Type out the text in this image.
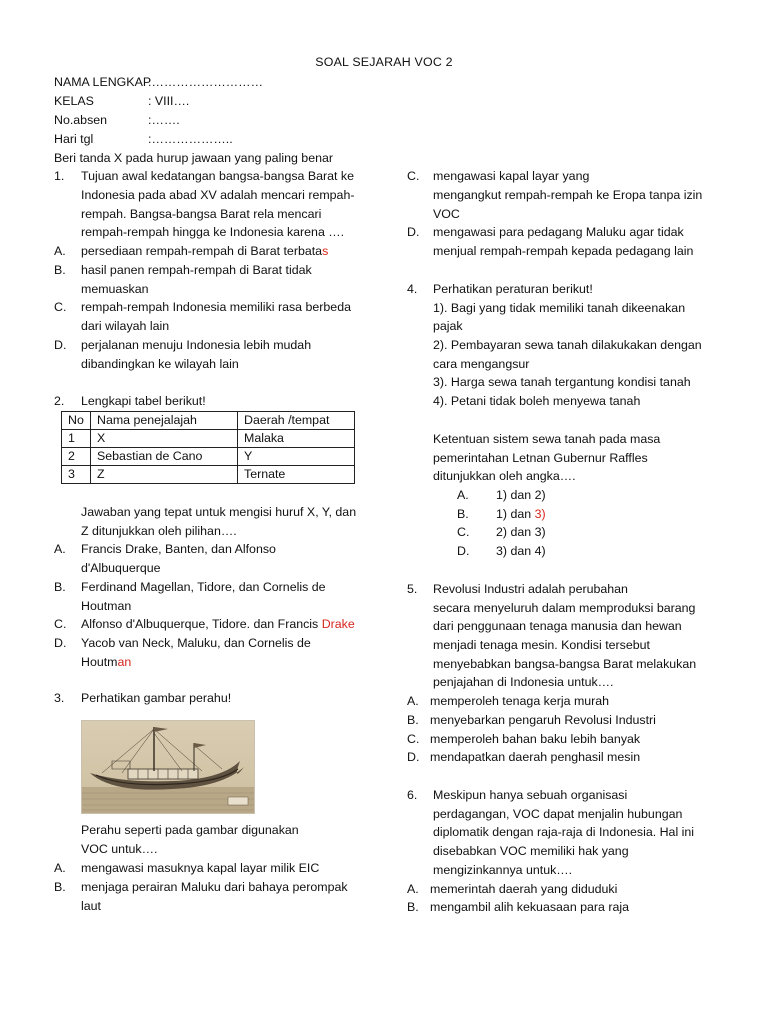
SOAL SEJARAH VOC 2
NAMA LENGKAP
:………………………
KELAS	: VIII….
No.absen	:…….
Hari tgl	:………………..
Beri tanda X pada hurup jawaan yang paling benar
1. Tujuan awal kedatangan bangsa-bangsa Barat ke
Indonesia pada abad XV adalah mencari rempah-
rempah. Bangsa-bangsa Barat rela mencari
rempah-rempah hingga ke Indonesia karena ….
A. persediaan rempah-rempah di Barat terbatas
B. hasil panen rempah-rempah di Barat tidak
memuaskan
C. rempah-rempah Indonesia memiliki rasa berbeda
dari wilayah lain
D. perjalanan menuju Indonesia lebih mudah
dibandingkan ke wilayah lain
2. Lengkapi tabel berikut!
No	Nama penejalajah	Daerah /tempat
1	X	Malaka
2	Sebastian de Cano	Y
3	Z	Ternate
Jawaban yang tepat untuk mengisi huruf X, Y, dan
Z ditunjukkan oleh pilihan….
A. Francis Drake, Banten, dan Alfonso
d'Albuquerque
B. Ferdinand Magellan, Tidore, dan Cornelis de
Houtman
C. Alfonso d'Albuquerque, Tidore. dan Francis Drake
D. Yacob van Neck, Maluku, dan Cornelis de
Houtman
3. Perhatikan gambar perahu!
Perahu seperti pada gambar digunakan
VOC untuk….
A. mengawasi masuknya kapal layar milik EIC
B. menjaga perairan Maluku dari bahaya perompak
laut
C. mengawasi kapal layar yang
mengangkut rempah-rempah ke Eropa tanpa izin
VOC
D. mengawasi para pedagang Maluku agar tidak
menjual rempah-rempah kepada pedagang lain
4. Perhatikan peraturan berikut!
1). Bagi yang tidak memiliki tanah dikeenakan
pajak
2). Pembayaran sewa tanah dilakukakan dengan
cara mengangsur
3). Harga sewa tanah tergantung kondisi tanah
4). Petani tidak boleh menyewa tanah
Ketentuan sistem sewa tanah pada masa
pemerintahan Letnan Gubernur Raffles
ditunjukkan oleh angka….
A. 1) dan 2)
B. 1) dan 3)
C. 2) dan 3)
D. 3) dan 4)
5. Revolusi Industri adalah perubahan
secara menyeluruh dalam memproduksi barang
dari penggunaan tenaga manusia dan hewan
menjadi tenaga mesin. Kondisi tersebut
menyebabkan bangsa-bangsa Barat melakukan
penjajahan di Indonesia untuk….
A. memperoleh tenaga kerja murah
B. menyebarkan pengaruh Revolusi Industri
C. memperoleh bahan baku lebih banyak
D. mendapatkan daerah penghasil mesin
6. Meskipun hanya sebuah organisasi
perdagangan, VOC dapat menjalin hubungan
diplomatik dengan raja-raja di Indonesia. Hal ini
disebabkan VOC memiliki hak yang
mengizinkannya untuk….
A. memerintah daerah yang diduduki
B. mengambil alih kekuasaan para raja
